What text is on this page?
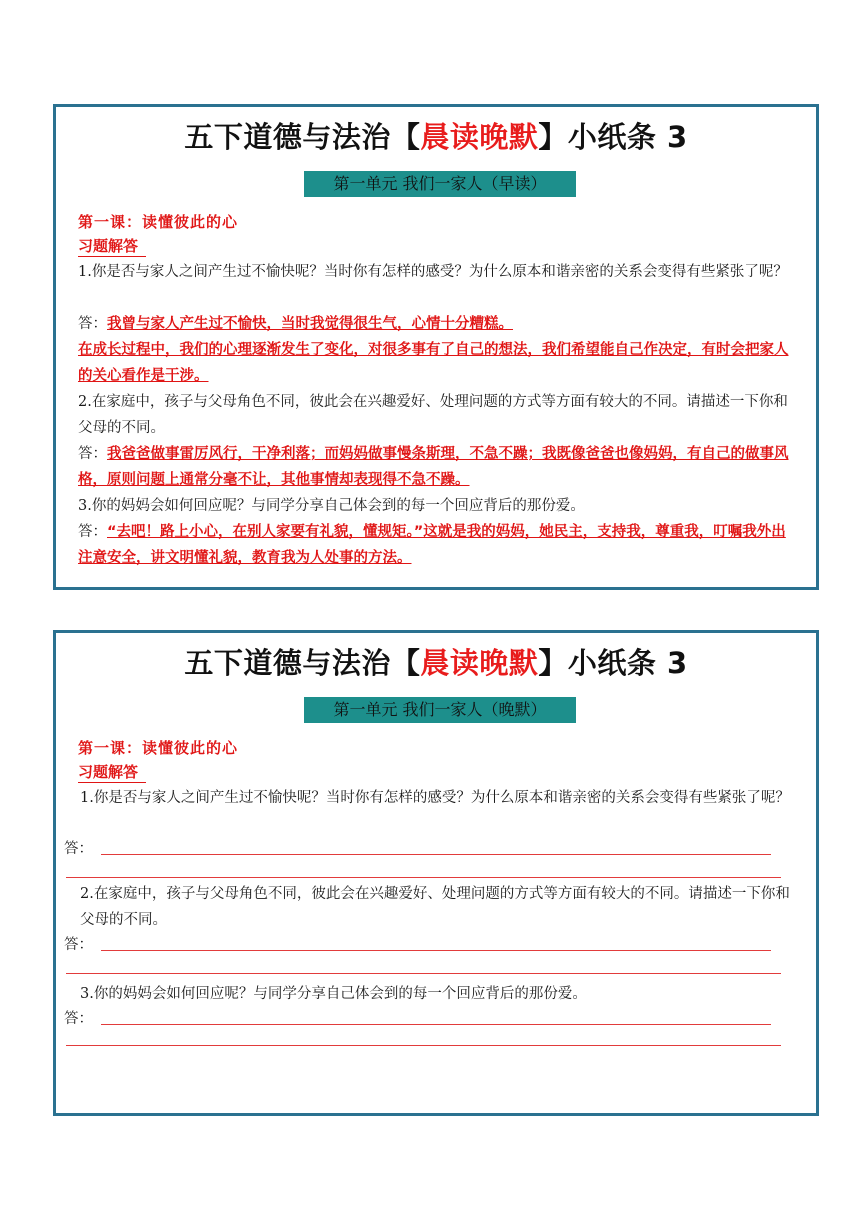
五下道德与法治【晨读晚默】小纸条 3
第一单元 我们一家人（早读）
第一课：读懂彼此的心
习题解答
1.你是否与家人之间产生过不愉快呢？当时你有怎样的感受？为什么原本和谐亲密的关系会变得有些紧张了呢？
答：我曾与家人产生过不愉快，当时我觉得很生气，心情十分糟糕。
在成长过程中，我们的心理逐渐发生了变化，对很多事有了自己的想法，我们希望能自己作决定，有时会把家人的关心看作是干涉。
2.在家庭中，孩子与父母角色不同，彼此会在兴趣爱好、处理问题的方式等方面有较大的不同。请描述一下你和父母的不同。
答：我爸爸做事雷厉风行，干净利落；而妈妈做事慢条斯理，不急不躁；我既像爸爸也像妈妈，有自己的做事风格，原则问题上通常分毫不让，其他事情却表现得不急不躁。
3.你的妈妈会如何回应呢？与同学分享自己体会到的每一个回应背后的那份爱。
答：“去吧！路上小心，在别人家要有礼貌，懂规矩。”这就是我的妈妈，她民主，支持我，尊重我，叮嘱我外出注意安全，讲文明懂礼貌，教育我为人处事的方法。
五下道德与法治【晨读晚默】小纸条 3
第一单元 我们一家人（晚默）
第一课：读懂彼此的心
习题解答
1.你是否与家人之间产生过不愉快呢？当时你有怎样的感受？为什么原本和谐亲密的关系会变得有些紧张了呢？
答：
2.在家庭中，孩子与父母角色不同，彼此会在兴趣爱好、处理问题的方式等方面有较大的不同。请描述一下你和父母的不同。
答：
3.你的妈妈会如何回应呢？与同学分享自己体会到的每一个回应背后的那份爱。
答：
